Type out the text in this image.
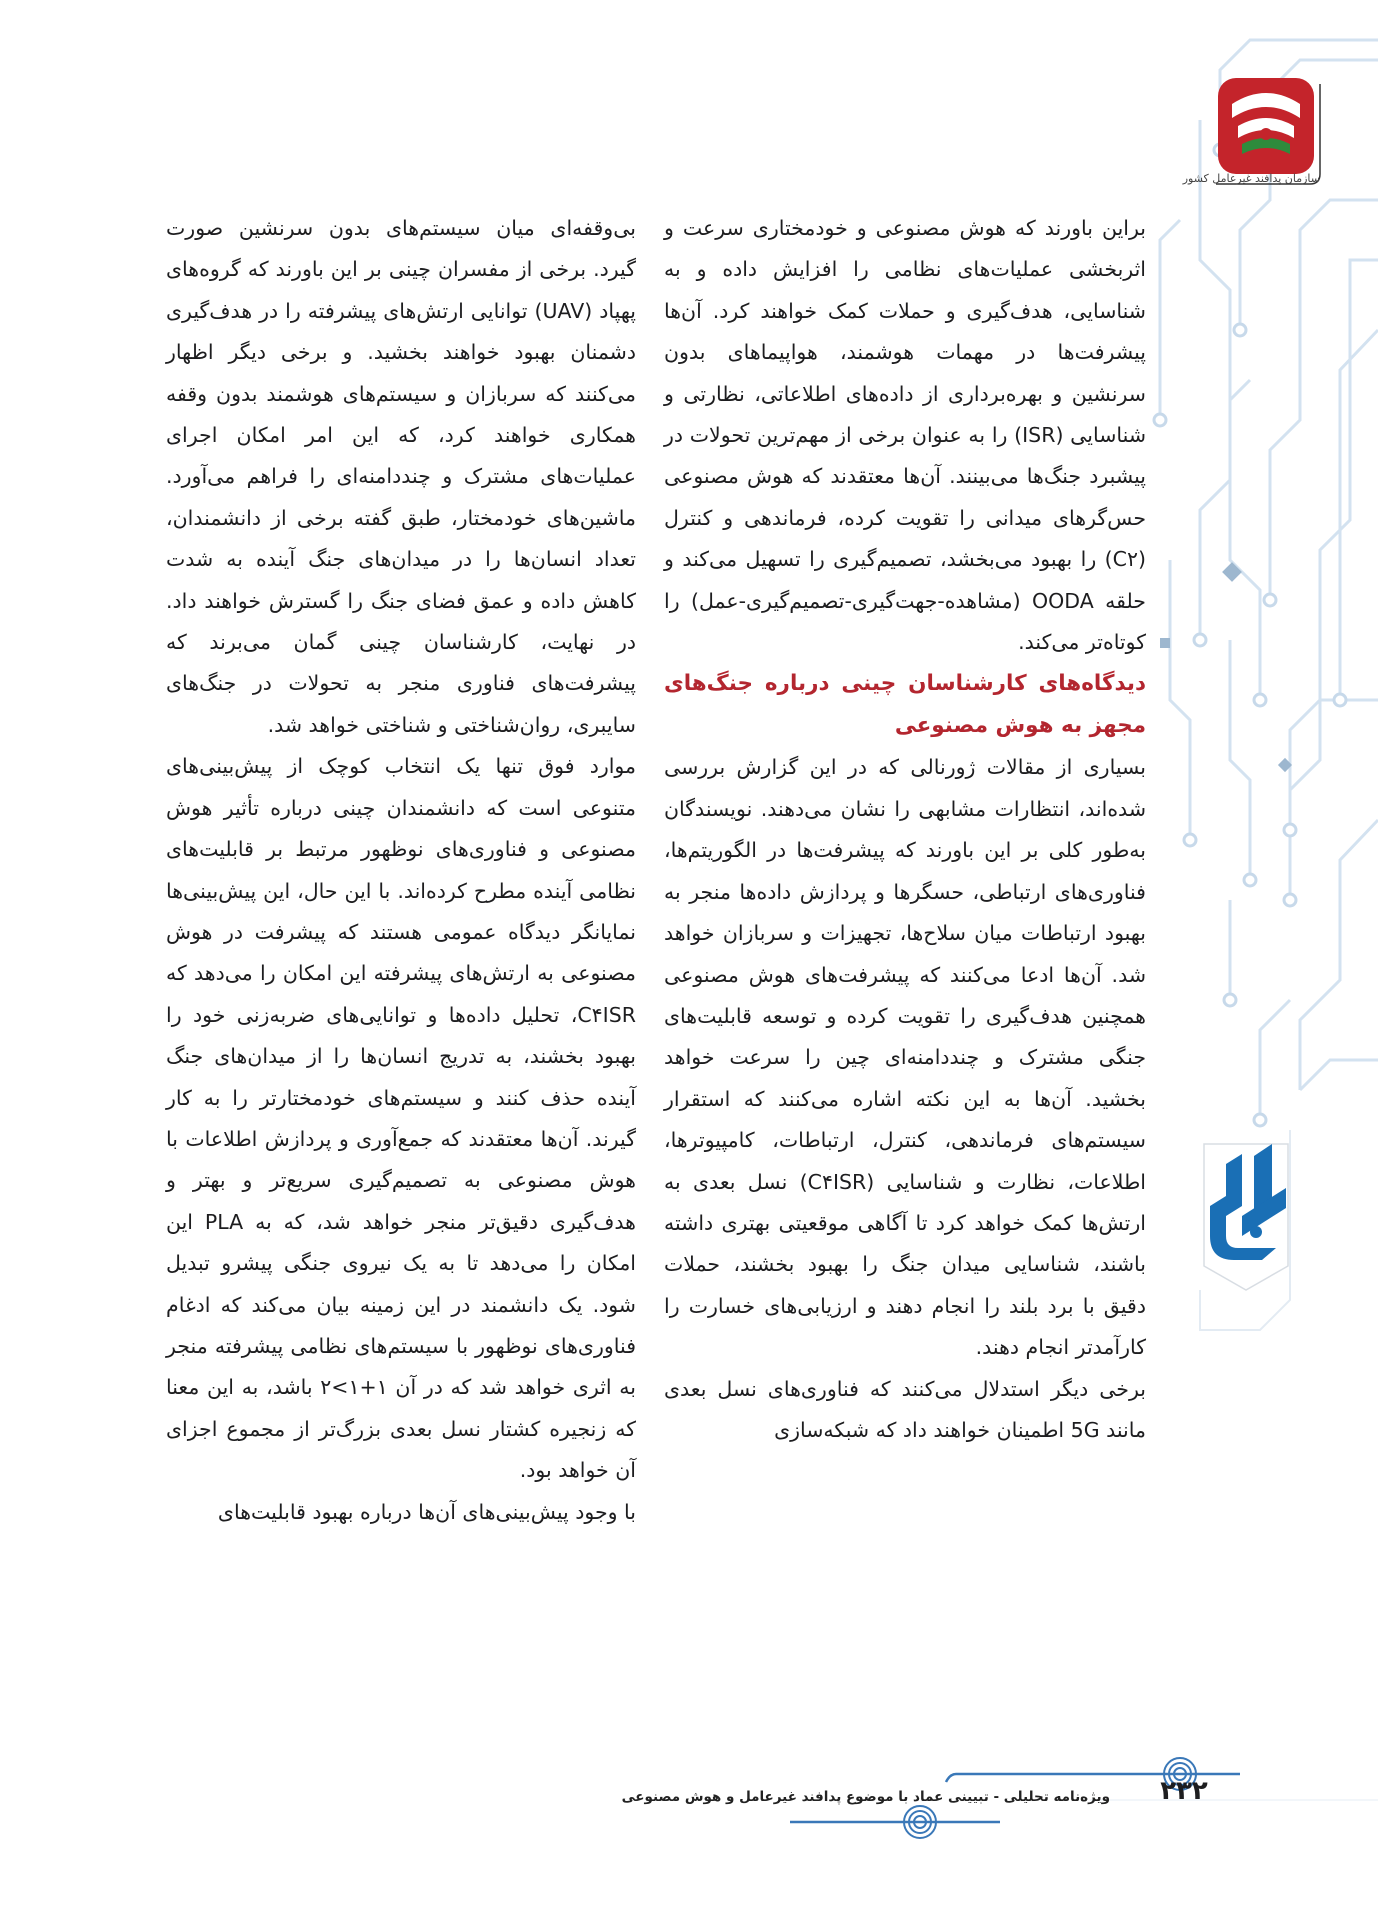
سازمان پدافند غیرعامل کشور

براین باورند که هوش مصنوعی و خودمختاری سرعت و اثربخشی عملیات‌های نظامی را افزایش داده و به شناسایی، هدف‌گیری و حملات کمک خواهند کرد. آن‌ها پیشرفت‌ها در مهمات هوشمند، هواپیماهای بدون سرنشین و بهره‌برداری از داده‌های اطلاعاتی، نظارتی و شناسایی (ISR) را به عنوان برخی از مهم‌ترین تحولات در پیشبرد جنگ‌ها می‌بینند. آن‌ها معتقدند که هوش مصنوعی حس‌گرهای میدانی را تقویت کرده، فرماندهی و کنترل (C۲) را بهبود می‌بخشد، تصمیم‌گیری را تسهیل می‌کند و حلقه OODA (مشاهده-جهت‌گیری-تصمیم‌گیری-عمل) را کوتاه‌تر می‌کند.

دیدگاه‌های کارشناسان چینی درباره جنگ‌های مجهز به هوش مصنوعی

بسیاری از مقالات ژورنالی که در این گزارش بررسی شده‌اند، انتظارات مشابهی را نشان می‌دهند. نویسندگان به‌طور کلی بر این باورند که پیشرفت‌ها در الگوریتم‌ها، فناوری‌های ارتباطی، حسگرها و پردازش داده‌ها منجر به بهبود ارتباطات میان سلاح‌ها، تجهیزات و سربازان خواهد شد. آن‌ها ادعا می‌کنند که پیشرفت‌های هوش مصنوعی همچنین هدف‌گیری را تقویت کرده و توسعه قابلیت‌های جنگی مشترک و چنددامنه‌ای چین را سرعت خواهد بخشید. آن‌ها به این نکته اشاره می‌کنند که استقرار سیستم‌های فرماندهی، کنترل، ارتباطات، کامپیوترها، اطلاعات، نظارت و شناسایی (C۴ISR) نسل بعدی به ارتش‌ها کمک خواهد کرد تا آگاهی موقعیتی بهتری داشته باشند، شناسایی میدان جنگ را بهبود بخشند، حملات دقیق با برد بلند را انجام دهند و ارزیابی‌های خسارت را کارآمدتر انجام دهند.

برخی دیگر استدلال می‌کنند که فناوری‌های نسل بعدی مانند 5G اطمینان خواهند داد که شبکه‌سازی

بی‌وقفه‌ای میان سیستم‌های بدون سرنشین صورت گیرد. برخی از مفسران چینی بر این باورند که گروه‌های پهپاد (UAV) توانایی ارتش‌های پیشرفته را در هدف‌گیری دشمنان بهبود خواهند بخشید. و برخی دیگر اظهار می‌کنند که سربازان و سیستم‌های هوشمند بدون وقفه همکاری خواهند کرد، که این امر امکان اجرای عملیات‌های مشترک و چنددامنه‌ای را فراهم می‌آورد. ماشین‌های خودمختار، طبق گفته برخی از دانشمندان، تعداد انسان‌ها را در میدان‌های جنگ آینده به شدت کاهش داده و عمق فضای جنگ را گسترش خواهند داد. در نهایت، کارشناسان چینی گمان می‌برند که پیشرفت‌های فناوری منجر به تحولات در جنگ‌های سایبری، روان‌شناختی و شناختی خواهد شد.

موارد فوق تنها یک انتخاب کوچک از پیش‌بینی‌های متنوعی است که دانشمندان چینی درباره تأثیر هوش مصنوعی و فناوری‌های نوظهور مرتبط بر قابلیت‌های نظامی آینده مطرح کرده‌اند. با این حال، این پیش‌بینی‌ها نمایانگر دیدگاه عمومی هستند که پیشرفت در هوش مصنوعی به ارتش‌های پیشرفته این امکان را می‌دهد که C۴ISR، تحلیل داده‌ها و توانایی‌های ضربه‌زنی خود را بهبود بخشند، به تدریج انسان‌ها را از میدان‌های جنگ آینده حذف کنند و سیستم‌های خودمختارتر را به کار گیرند. آن‌ها معتقدند که جمع‌آوری و پردازش اطلاعات با هوش مصنوعی به تصمیم‌گیری سریع‌تر و بهتر و هدف‌گیری دقیق‌تر منجر خواهد شد، که به PLA این امکان را می‌دهد تا به یک نیروی جنگی پیشرو تبدیل شود. یک دانشمند در این زمینه بیان می‌کند که ادغام فناوری‌های نوظهور با سیستم‌های نظامی پیشرفته منجر به اثری خواهد شد که در آن ۱+۱>۲ باشد، به این معنا که زنجیره کشتار نسل بعدی بزرگ‌تر از مجموع اجزای آن خواهد بود.

با وجود پیش‌بینی‌های آن‌ها درباره بهبود قابلیت‌های

ویژه‌نامه تحلیلی - تبیینی عماد با موضوع پدافند غیرعامل و هوش مصنوعی ۲۳۲
